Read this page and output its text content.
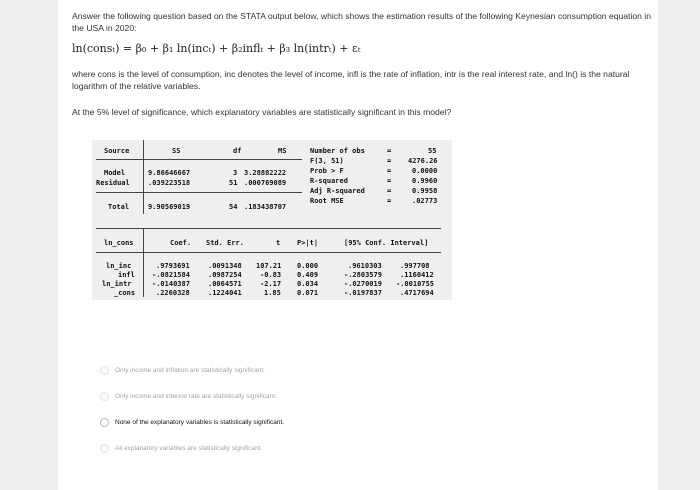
Answer the following question based on the STATA output below, which shows the estimation results of the following Keynesian consumption equation in the USA in 2020:
ln(consₜ) = β₀ + β₁ ln(incₜ) + β₂inflₜ + β₃ ln(intrₜ) + εₜ
where cons is the level of consumption, inc denotes the level of income, infl is the rate of inflation, intr is the real interest rate, and ln() is the natural logarithm of the relative variables.
At the 5% level of significance, which explanatory variables are statistically significant in this model?
Source	SS	df	MS
Model	9.86646667	3 3.28882222
Residual	.039223518	51 .000769089
Total	9.90569019	54 .183438707
Number of obs	=	55
F(3, 51)	= 4276.26
Prob > F	=	0.0000
R-squared	=	0.9960
Adj R-squared	=	0.9958
Root MSE	=	.02773
ln_cons	Coef. Std. Err.	t P>|t|	[95% Conf. Interval]
ln_inc	.9793691	.0091348 107.21 0.000	.9610303	.997708
infl -.0821584	.0987254	-0.83 0.409	-.2803579	.1160412
ln_intr	-.0140387	.0064571	-2.17 0.034	-.0270019 -.0010755
_cons	.2260328	.1224041	1.85 0.071	-.0197837	.4717694
Only income and inflation are statistically significant.
Only income and interest rate are statistically significant.
None of the explanatory variables is statistically significant.
All explanatory variables are statistically significant.
